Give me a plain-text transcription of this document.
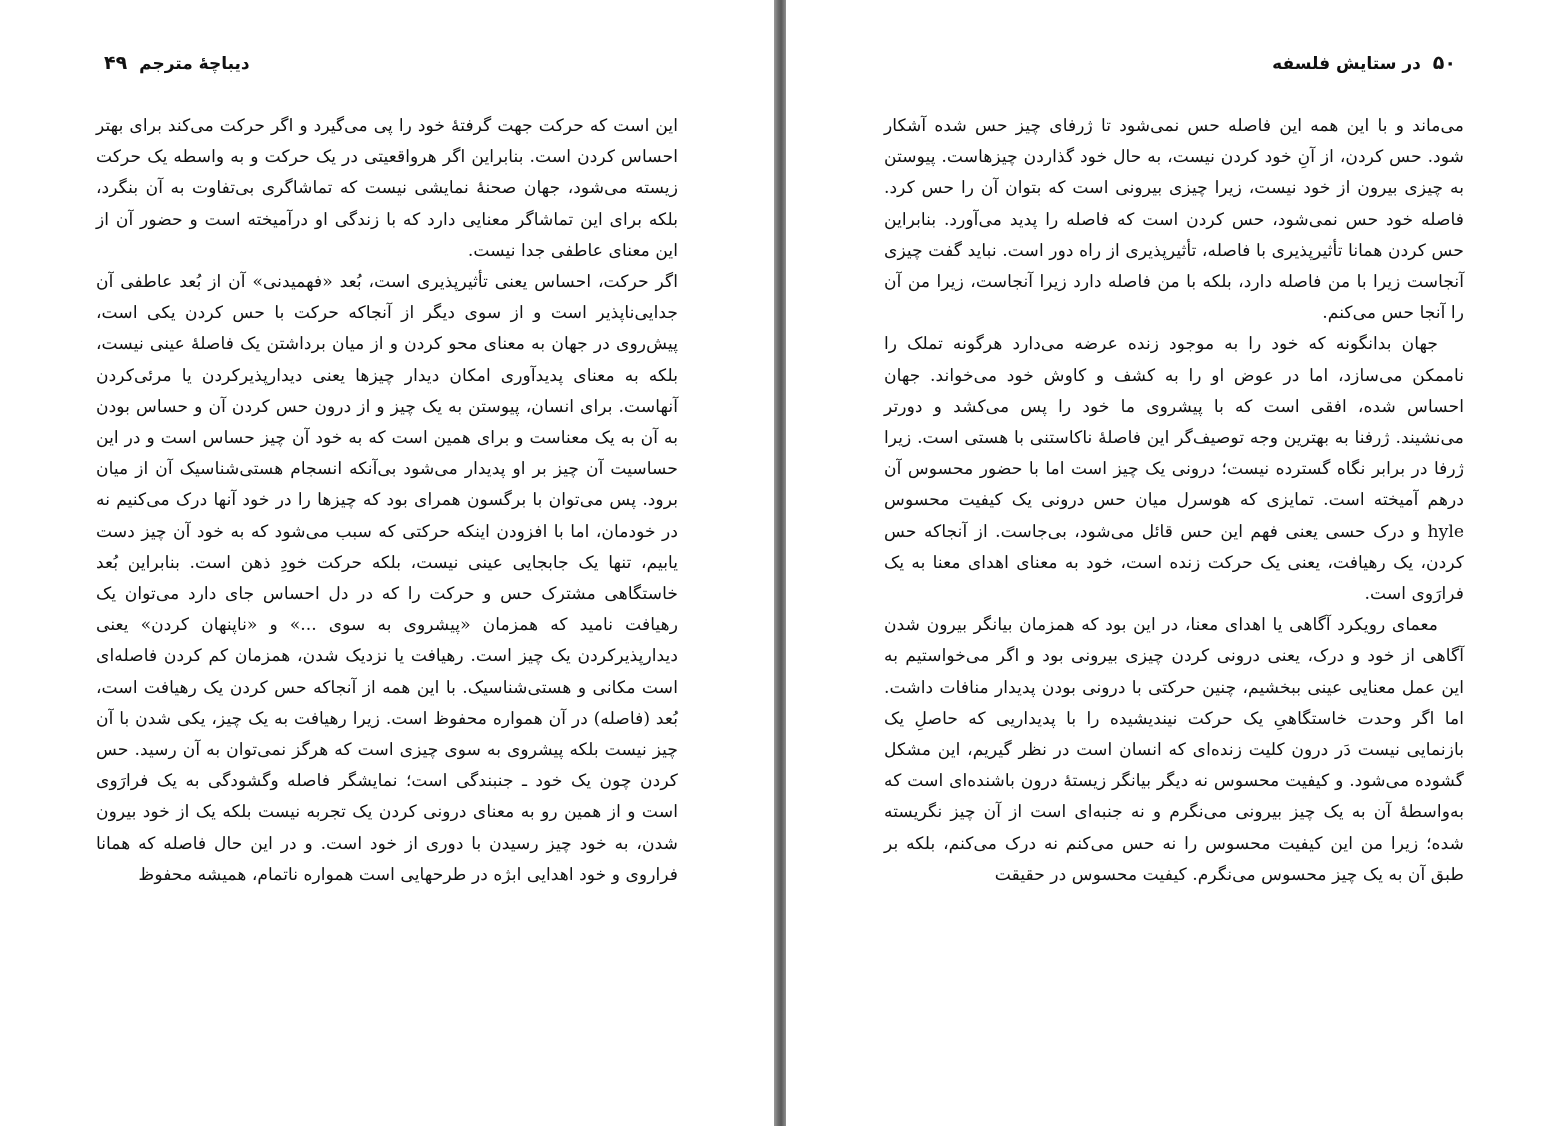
دیباچهٔ مترجم ۴۹

این است که حرکت جهت گرفتهٔ خود را پی می‌گیرد و اگر حرکت می‌کند برای بهتر احساس کردن است. بنابراین اگر هرواقعیتی در یک حرکت و به واسطه یک حرکت زیسته می‌شود، جهان صحنهٔ نمایشی نیست که تماشاگری بی‌تفاوت به آن بنگرد، بلکه برای این تماشاگر معنایی دارد که با زندگی او درآمیخته است و حضور آن از این معنای عاطفی جدا نیست.

اگر حرکت، احساس یعنی تأثیرپذیری است، بُعد «فهمیدنی» آن از بُعد عاطفی آن جدایی‌ناپذیر است و از سوی دیگر از آنجاکه حرکت با حس کردن یکی است، پیش‌روی در جهان به معنای محو کردن و از میان برداشتن یک فاصلهٔ عینی نیست، بلکه به معنای پدیدآوری امکان دیدار چیزها یعنی دیدارپذیرکردن یا مرئی‌کردن آنهاست. برای انسان، پیوستن به یک چیز و از درون حس کردن آن و حساس بودن به آن به یک معناست و برای همین است که به خود آن چیز حساس است و در این حساسیت آن چیز بر او پدیدار می‌شود بی‌آنکه انسجام هستی‌شناسیک آن از میان برود. پس می‌توان با برگسون همرای بود که چیزها را در خود آنها درک می‌کنیم نه در خودمان، اما با افزودن اینکه حرکتی که سبب می‌شود که به خود آن چیز دست یابیم، تنها یک جابجایی عینی نیست، بلکه حرکت خودِ ذهن است. بنابراین بُعد خاستگاهی مشترک حس و حرکت را که در دل احساس جای دارد می‌توان یک رهیافت نامید که همزمان «پیشروی به سوی ...» و «ناپنهان کردن» یعنی دیدارپذیرکردن یک چیز است. رهیافت یا نزدیک شدن، همزمان کم کردن فاصله‌ای است مکانی و هستی‌شناسیک. با این همه از آنجاکه حس کردن یک رهیافت است، بُعد (فاصله) در آن همواره محفوظ است. زیرا رهیافت به یک چیز، یکی شدن با آن چیز نیست بلکه پیشروی به سوی چیزی است که هرگز نمی‌توان به آن رسید. حس کردن چون یک خود ـ جنبندگی است؛ نمایشگر فاصله وگشودگی به یک فرارَوی است و از همین رو به معنای درونی کردن یک تجربه نیست بلکه یک از خود بیرون شدن، به خود چیز رسیدن با دوری از خود است. و در این حال فاصله که همانا فراروی و خود اهدایی ابژه در طرحهایی است همواره ناتمام، همیشه محفوظ

۵۰ در ستایش فلسفه

می‌ماند و با این همه این فاصله حس نمی‌شود تا ژرفای چیز حس شده آشکار شود. حس کردن، از آنِ خود کردن نیست، به حال خود گذاردن چیزهاست. پیوستن به چیزی بیرون از خود نیست، زیرا چیزی بیرونی است که بتوان آن را حس کرد. فاصله خود حس نمی‌شود، حس کردن است که فاصله را پدید می‌آورد. بنابراین حس کردن همانا تأثیرپذیری با فاصله، تأثیرپذیری از راه دور است. نباید گفت چیزی آنجاست زیرا با من فاصله دارد، بلکه با من فاصله دارد زیرا آنجاست، زیرا من آن را آنجا حس می‌کنم.

جهان بدانگونه که خود را به موجود زنده عرضه می‌دارد هرگونه تملک را ناممکن می‌سازد، اما در عوض او را به کشف و کاوش خود می‌خواند. جهان احساس شده، افقی است که با پیشروی ما خود را پس می‌کشد و دورتر می‌نشیند. ژرفنا به بهترین وجه توصیف‌گر این فاصلهٔ ناکاستنی با هستی است. زیرا ژرفا در برابر نگاه گسترده نیست؛ درونی یک چیز است اما با حضور محسوس آن درهم آمیخته است. تمایزی که هوسرل میان حس درونی یک کیفیت محسوس hyle و درک حسی یعنی فهم این حس قائل می‌شود، بی‌جاست. از آنجاکه حس کردن، یک رهیافت، یعنی یک حرکت زنده است، خود به معنای اهدای معنا به یک فرارَوی است.

معمای رویکرد آگاهی یا اهدای معنا، در این بود که همزمان بیانگر بیرون شدن آگاهی از خود و درک، یعنی درونی کردن چیزی بیرونی بود و اگر می‌خواستیم به این عمل معنایی عینی ببخشیم، چنین حرکتی با درونی بودن پدیدار منافات داشت. اما اگر وحدت خاستگاهیِ یک حرکت نیندیشیده را با پدیداریی که حاصلِ یک بازنمایی نیست دَر درون کلیت زنده‌ای که انسان است در نظر گیریم، این مشکل گشوده می‌شود. و کیفیت محسوس نه دیگر بیانگر زیستهٔ درون باشنده‌ای است که به‌واسطهٔ آن به یک چیز بیرونی می‌نگرم و نه جنبه‌ای است از آن چیز نگریسته شده؛ زیرا من این کیفیت محسوس را نه حس می‌کنم نه درک می‌کنم، بلکه بر طبق آن به یک چیز محسوس می‌نگرم. کیفیت محسوس در حقیقت
